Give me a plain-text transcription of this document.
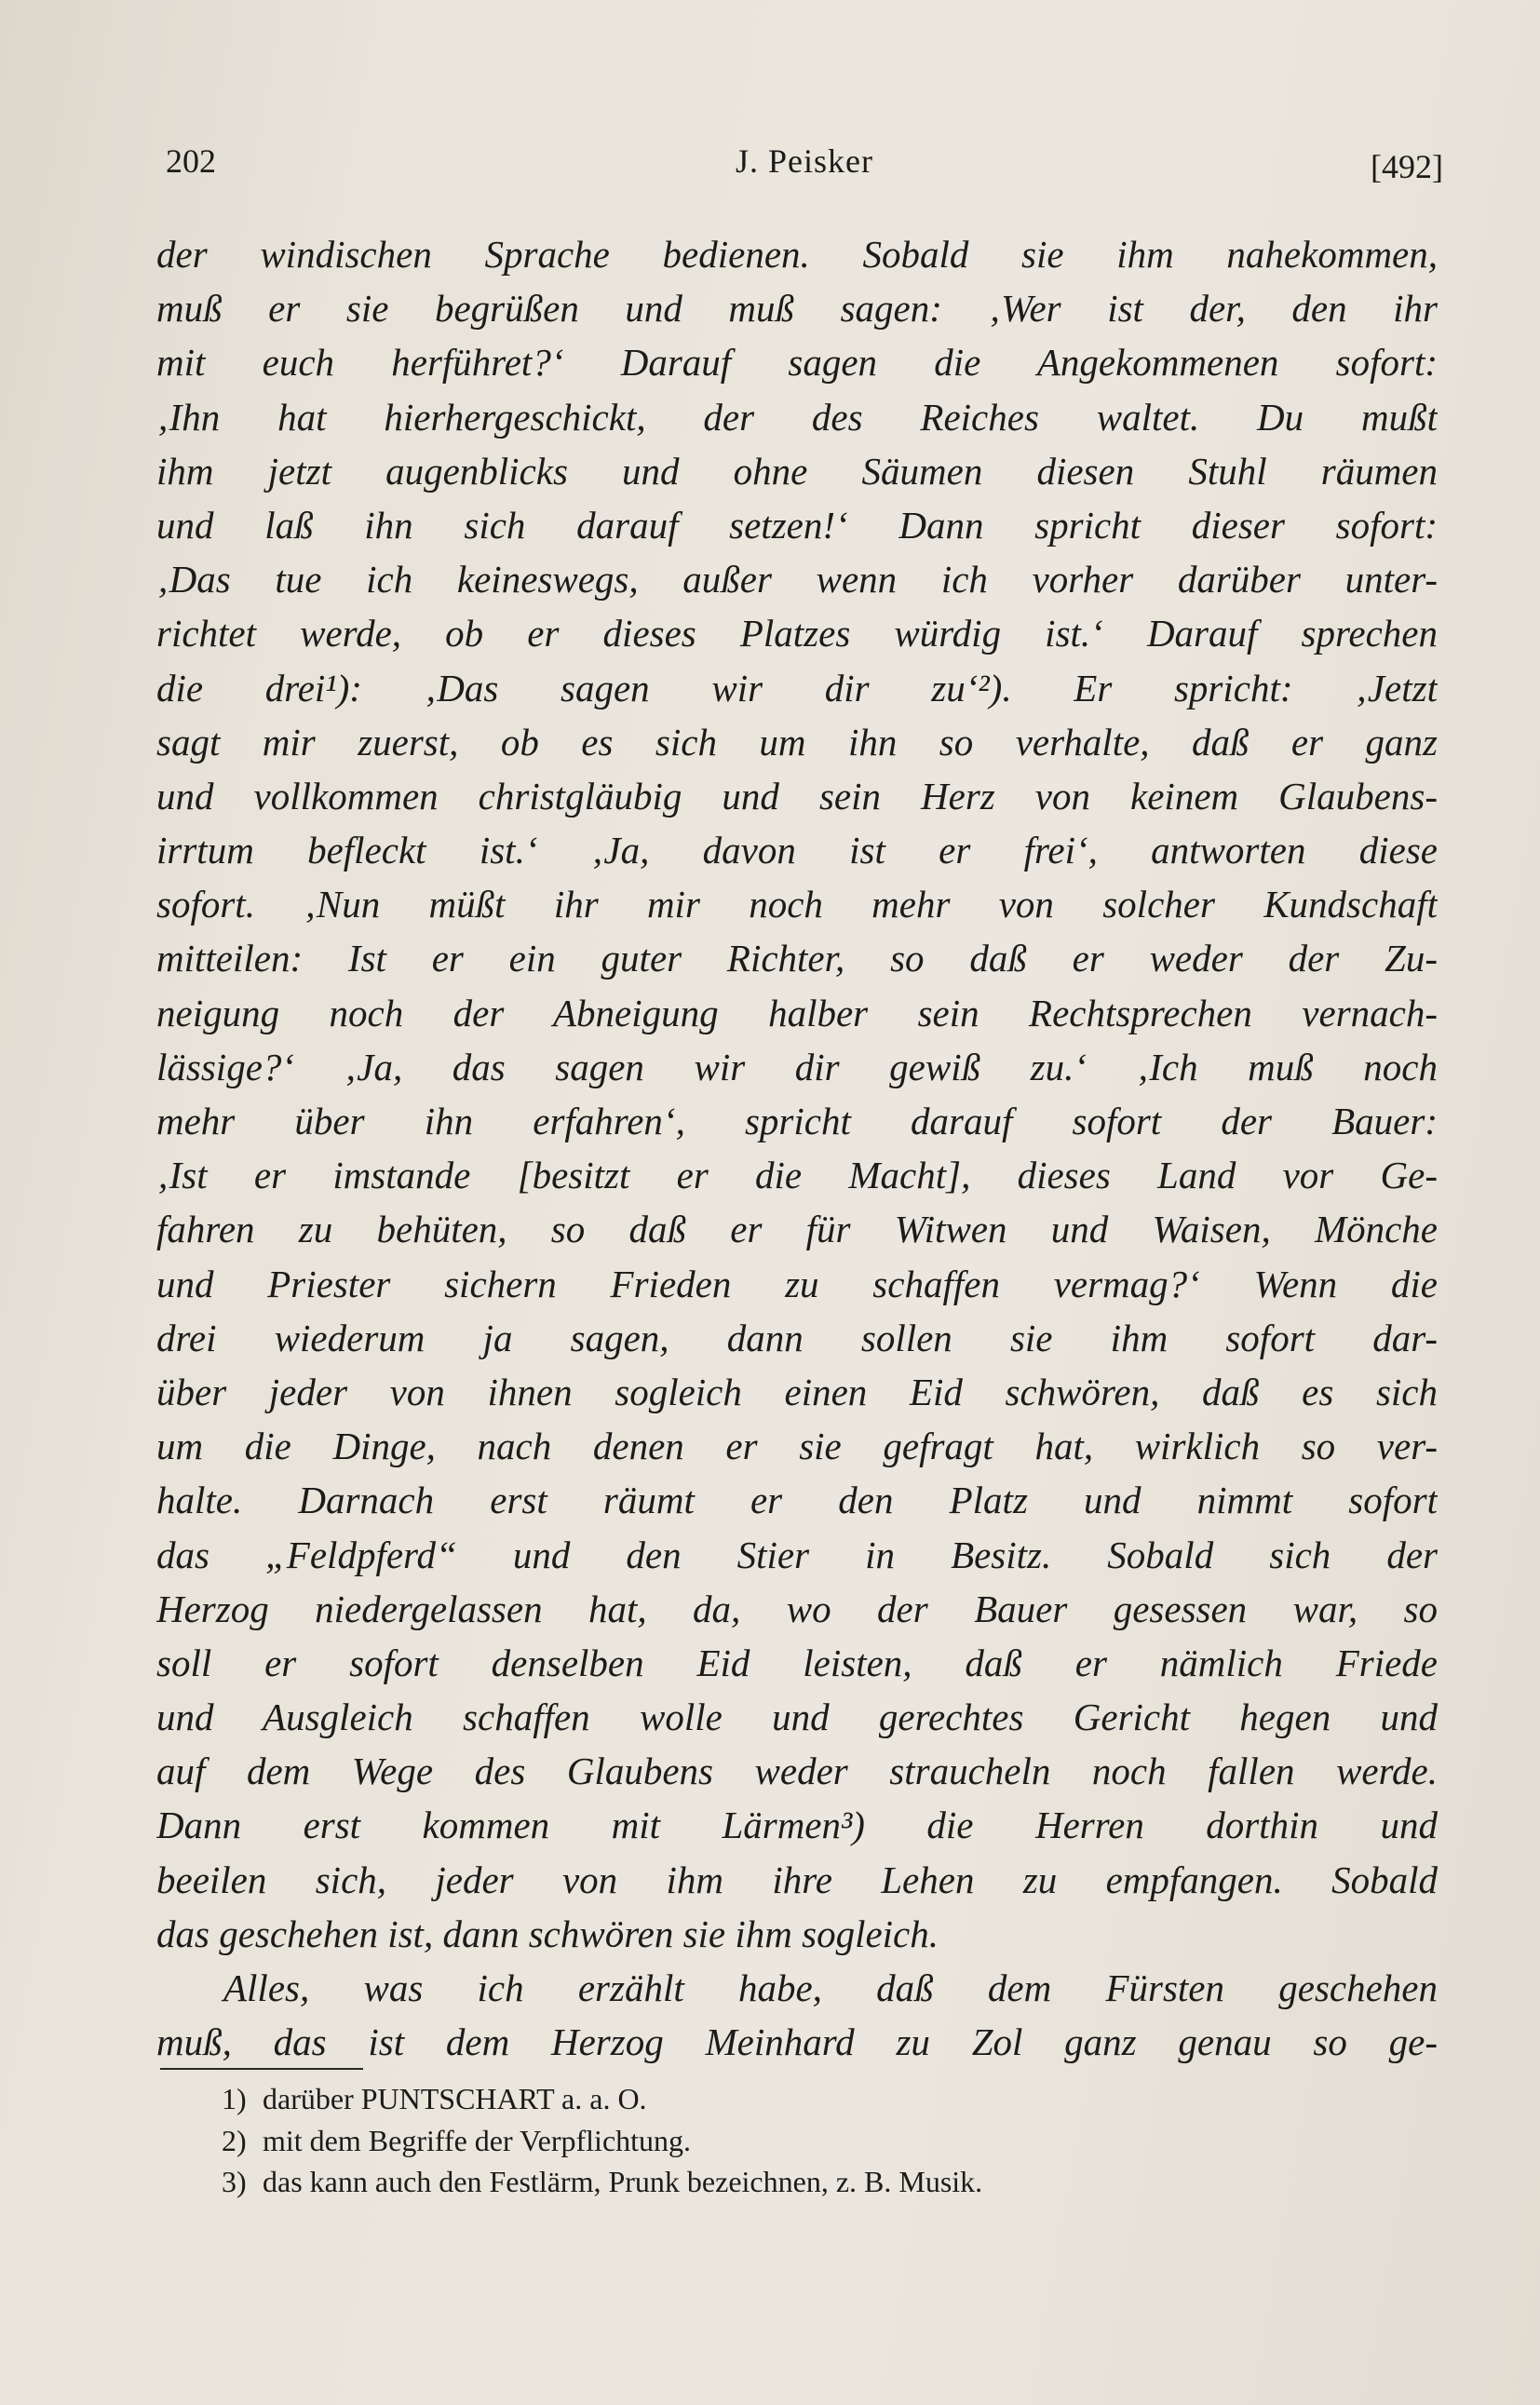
202	J. Peisker	[492]
der windischen Sprache bedienen. Sobald sie ihm nahekommen,
muß er sie begrüßen und muß sagen: ‚Wer ist der, den ihr
mit euch herführet?‘ Darauf sagen die Angekommenen sofort:
‚Ihn hat hierhergeschickt, der des Reiches waltet. Du mußt
ihm jetzt augenblicks und ohne Säumen diesen Stuhl räumen
und laß ihn sich darauf setzen!‘ Dann spricht dieser sofort:
‚Das tue ich keineswegs, außer wenn ich vorher darüber unter-
richtet werde, ob er dieses Platzes würdig ist.‘ Darauf sprechen
die drei¹): ‚Das sagen wir dir zu‘²). Er spricht: ‚Jetzt
sagt mir zuerst, ob es sich um ihn so verhalte, daß er ganz
und vollkommen christgläubig und sein Herz von keinem Glaubens-
irrtum befleckt ist.‘ ‚Ja, davon ist er frei‘, antworten diese
sofort. ‚Nun müßt ihr mir noch mehr von solcher Kundschaft
mitteilen: Ist er ein guter Richter, so daß er weder der Zu-
neigung noch der Abneigung halber sein Rechtsprechen vernach-
lässige?‘ ‚Ja, das sagen wir dir gewiß zu.‘ ‚Ich muß noch
mehr über ihn erfahren‘, spricht darauf sofort der Bauer:
‚Ist er imstande [besitzt er die Macht], dieses Land vor Ge-
fahren zu behüten, so daß er für Witwen und Waisen, Mönche
und Priester sichern Frieden zu schaffen vermag?‘ Wenn die
drei wiederum ja sagen, dann sollen sie ihm sofort dar-
über jeder von ihnen sogleich einen Eid schwören, daß es sich
um die Dinge, nach denen er sie gefragt hat, wirklich so ver-
halte. Darnach erst räumt er den Platz und nimmt sofort
das „Feldpferd“ und den Stier in Besitz. Sobald sich der
Herzog niedergelassen hat, da, wo der Bauer gesessen war, so
soll er sofort denselben Eid leisten, daß er nämlich Friede
und Ausgleich schaffen wolle und gerechtes Gericht hegen und
auf dem Wege des Glaubens weder straucheln noch fallen werde.
Dann erst kommen mit Lärmen³) die Herren dorthin und
beeilen sich, jeder von ihm ihre Lehen zu empfangen. Sobald
das geschehen ist, dann schwören sie ihm sogleich.
Alles, was ich erzählt habe, daß dem Fürsten geschehen
muß, das ist dem Herzog Meinhard zu Zol ganz genau so ge-
1) darüber PUNTSCHART a. a. O.
2) mit dem Begriffe der Verpflichtung.
3) das kann auch den Festlärm, Prunk bezeichnen, z. B. Musik.
